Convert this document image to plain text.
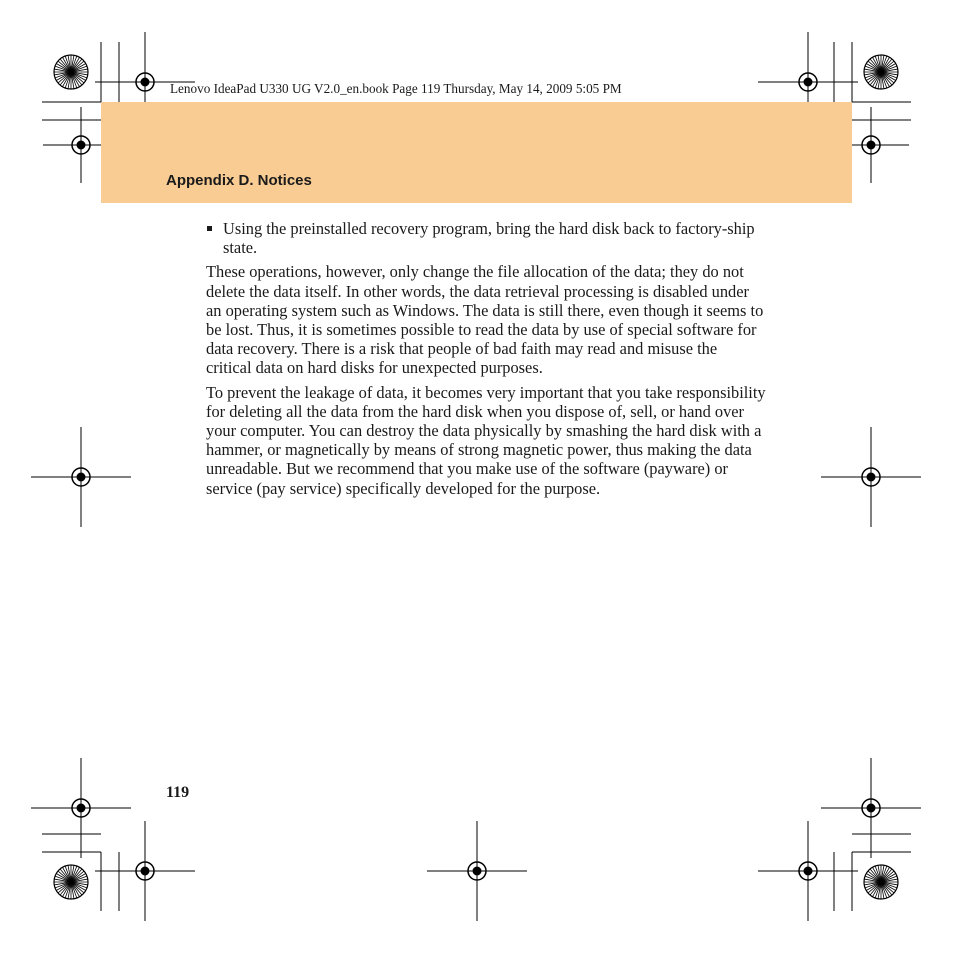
Lenovo IdeaPad U330 UG V2.0_en.book Page 119 Thursday, May 14, 2009 5:05 PM
Appendix D. Notices
Using the preinstalled recovery program, bring the hard disk back to factory-ship state.

These operations, however, only change the file allocation of the data; they do not delete the data itself. In other words, the data retrieval processing is disabled under an operating system such as Windows. The data is still there, even though it seems to be lost. Thus, it is sometimes possible to read the data by use of special software for data recovery. There is a risk that people of bad faith may read and misuse the critical data on hard disks for unexpected purposes.

To prevent the leakage of data, it becomes very important that you take responsibility for deleting all the data from the hard disk when you dispose of, sell, or hand over your computer. You can destroy the data physically by smashing the hard disk with a hammer, or magnetically by means of strong magnetic power, thus making the data unreadable. But we recommend that you make use of the software (payware) or service (pay service) specifically developed for the purpose.

119
